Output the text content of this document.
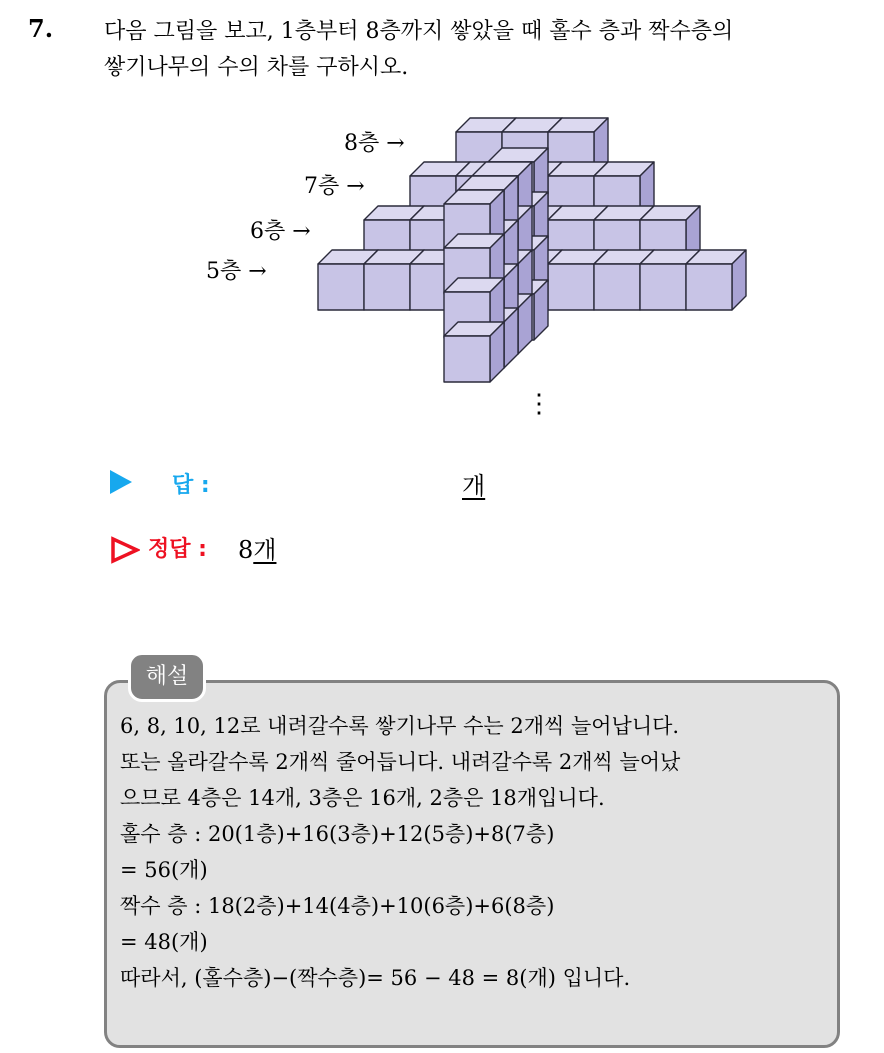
7. 다음 그림을 보고, 1층부터 8층까지 쌓았을 때 홀수 층과 짝수층의
쌓기나무의 수의 차를 구하시오.
8층 →
7층 →
6층 →
5층 →
⋮
답 :	개
정답 : 8개
해설
6, 8, 10, 12로 내려갈수록 쌓기나무 수는 2개씩 늘어납니다.
또는 올라갈수록 2개씩 줄어듭니다. 내려갈수록 2개씩 늘어났
으므로 4층은 14개, 3층은 16개, 2층은 18개입니다.
홀수 층 : 20(1층)+16(3층)+12(5층)+8(7층)
= 56(개)
짝수 층 : 18(2층)+14(4층)+10(6층)+6(8층)
= 48(개)
따라서, (홀수층)−(짝수층)= 56 − 48 = 8(개) 입니다.
